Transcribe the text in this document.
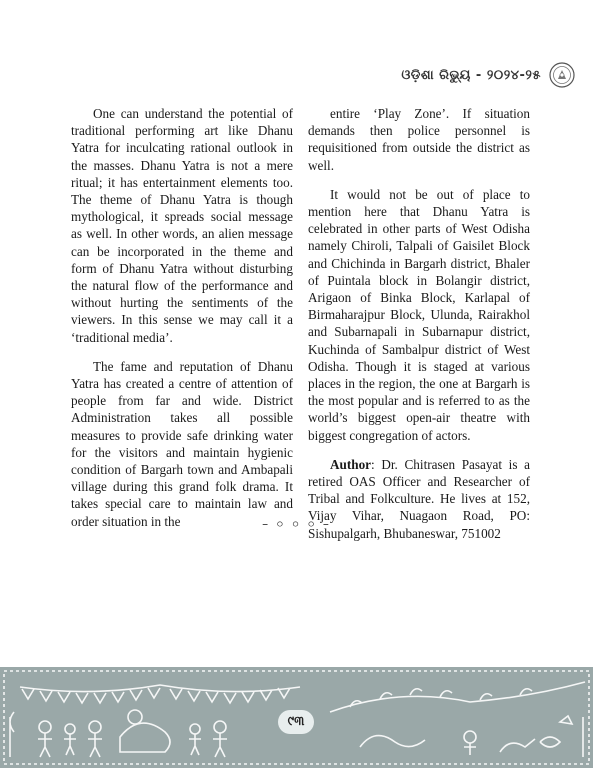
ଓଡ଼ିଶା ରିଭ୍ୟୁ - ୨୦୨୪-୨୫

One can understand the potential of traditional performing art like Dhanu Yatra for inculcating rational outlook in the masses. Dhanu Yatra is not a mere ritual; it has entertainment elements too. The theme of Dhanu Yatra is though mythological, it spreads social message as well. In other words, an alien message can be incorporated in the theme and form of Dhanu Yatra without disturbing the natural flow of the performance and without hurting the sentiments of the viewers. In this sense we may call it a ‘traditional media’.

The fame and reputation of Dhanu Yatra has created a centre of attention of people from far and wide. District Administration takes all possible measures to provide safe drinking water for the visitors and maintain hygienic condition of Bargarh town and Ambapali village during this grand folk drama. It takes special care to maintain law and order situation in the

entire ‘Play Zone’. If situation demands then police personnel is requisitioned from outside the district as well.

It would not be out of place to mention here that Dhanu Yatra is celebrated in other parts of West Odisha namely Chiroli, Talpali of Gaisilet Block and Chichinda in Bargarh district, Bhaler of Puintala block in Bolangir district, Arigaon of Binka Block, Karlapal of Birmaharajpur Block, Ulunda, Rairakhol and Subarnapali in Subarnapur district, Kuchinda of Sambalpur district of West Odisha. Though it is staged at various places in the region, the one at Bargarh is the most popular and is referred to as the world’s biggest open-air theatre with biggest congregation of actors.

Author: Dr. Chitrasen Pasayat is a retired OAS Officer and Researcher of Tribal and Folkculture. He lives at 152, Vijay Vihar, Nuagaon Road, PO: Sishupalgarh, Bhubaneswar, 751002

– ০ ০ ০ –
୯୩
